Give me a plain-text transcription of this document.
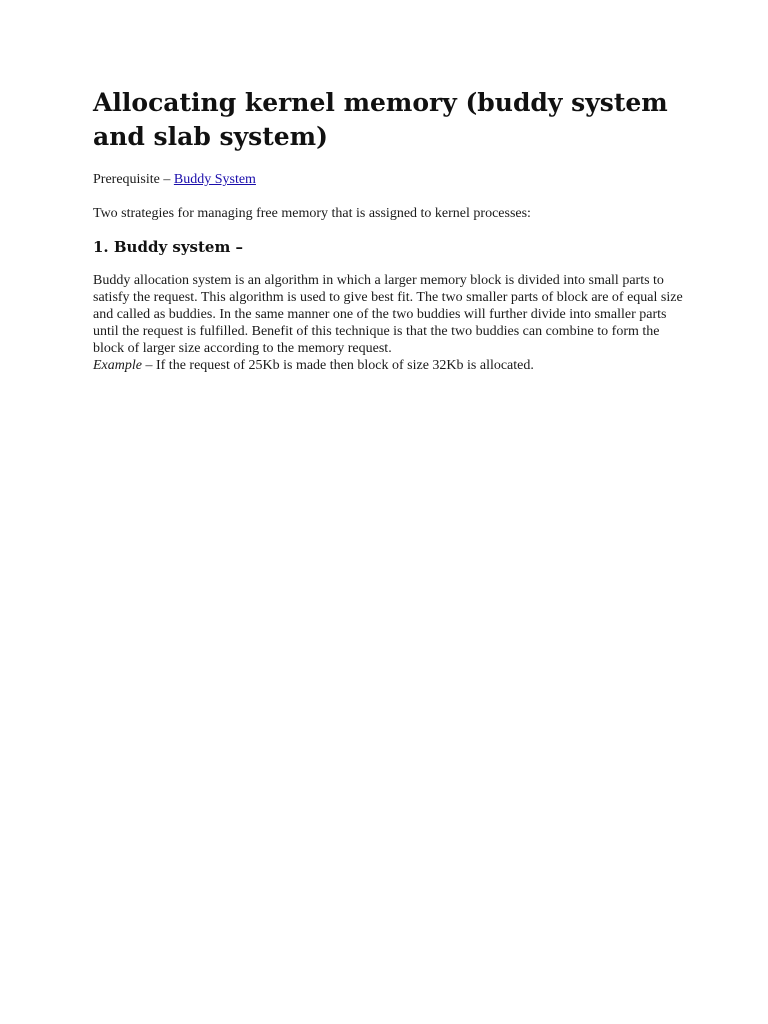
Allocating kernel memory (buddy system and slab system)

Prerequisite – Buddy System

Two strategies for managing free memory that is assigned to kernel processes:

1. Buddy system –

Buddy allocation system is an algorithm in which a larger memory block is divided into small parts to satisfy the request. This algorithm is used to give best fit. The two smaller parts of block are of equal size and called as buddies. In the same manner one of the two buddies will further divide into smaller parts until the request is fulfilled. Benefit of this technique is that the two buddies can combine to form the block of larger size according to the memory request.

Example – If the request of 25Kb is made then block of size 32Kb is allocated.
